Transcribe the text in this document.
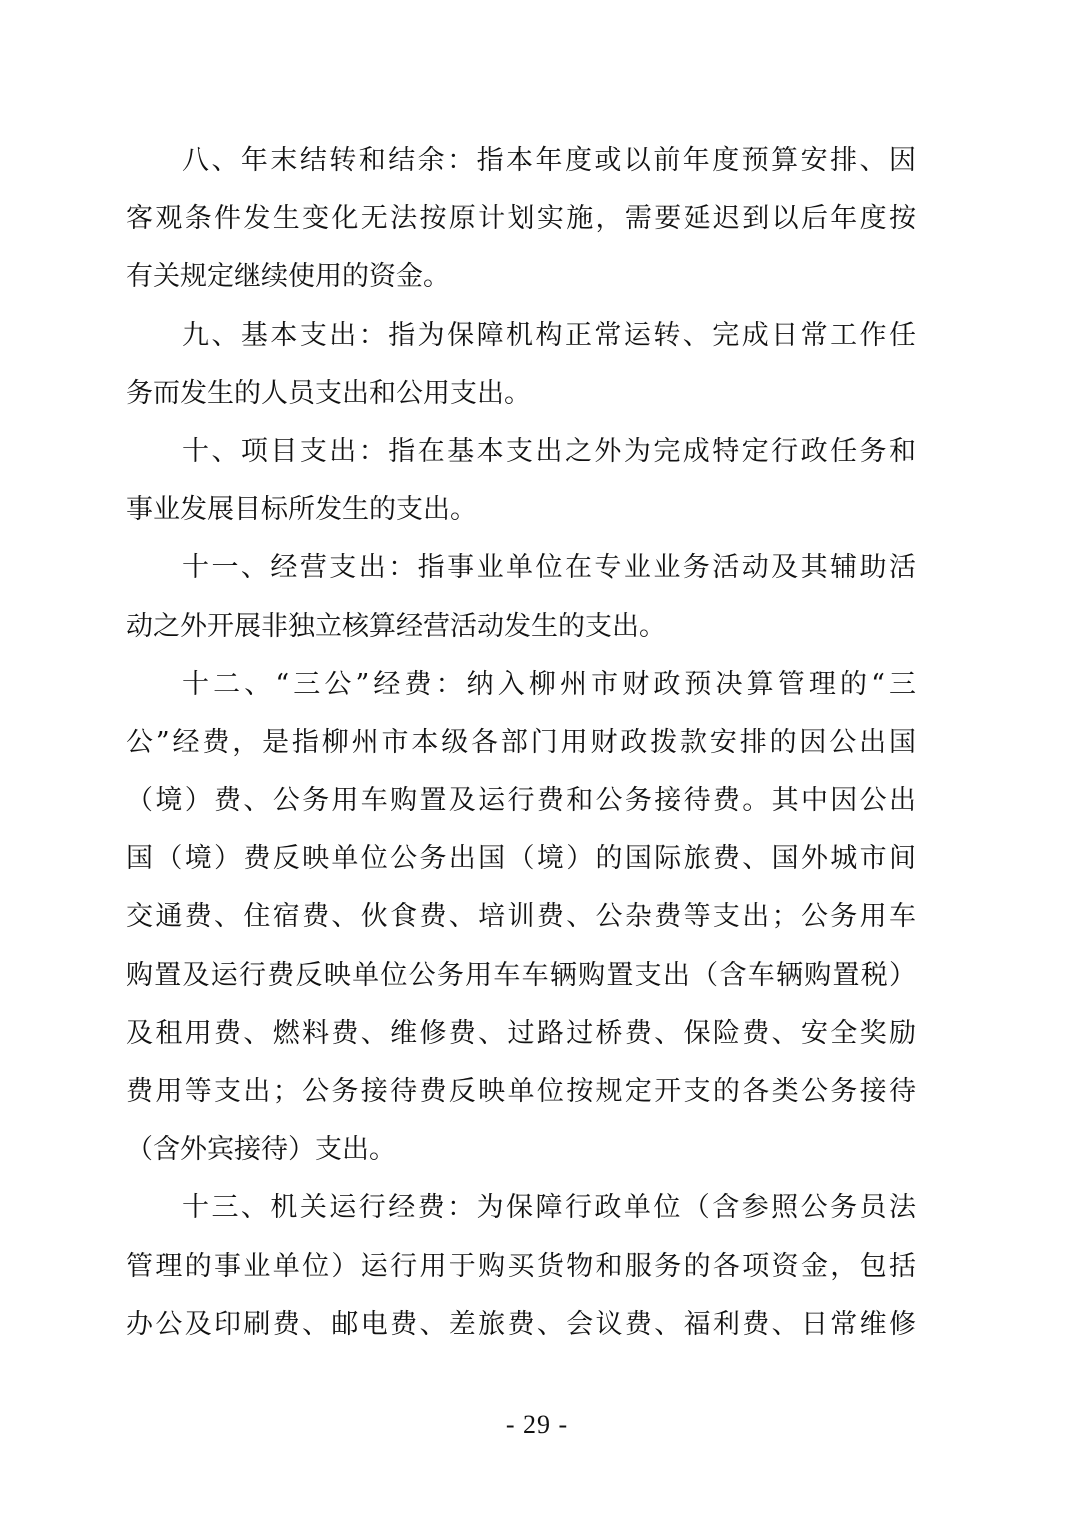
八、年末结转和结余：指本年度或以前年度预算安排、因
客观条件发生变化无法按原计划实施，需要延迟到以后年度按
有关规定继续使用的资金。
九、基本支出：指为保障机构正常运转、完成日常工作任
务而发生的人员支出和公用支出。
十、项目支出：指在基本支出之外为完成特定行政任务和
事业发展目标所发生的支出。
十一、经营支出：指事业单位在专业业务活动及其辅助活
动之外开展非独立核算经营活动发生的支出。
十二、“三公”经费：纳入柳州市财政预决算管理的“三
公”经费，是指柳州市本级各部门用财政拨款安排的因公出国
（境）费、公务用车购置及运行费和公务接待费。其中因公出
国（境）费反映单位公务出国（境）的国际旅费、国外城市间
交通费、住宿费、伙食费、培训费、公杂费等支出；公务用车
购置及运行费反映单位公务用车车辆购置支出（含车辆购置税）
及租用费、燃料费、维修费、过路过桥费、保险费、安全奖励
费用等支出；公务接待费反映单位按规定开支的各类公务接待
（含外宾接待）支出。
十三、机关运行经费：为保障行政单位（含参照公务员法
管理的事业单位）运行用于购买货物和服务的各项资金，包括
办公及印刷费、邮电费、差旅费、会议费、福利费、日常维修
- 29 -
